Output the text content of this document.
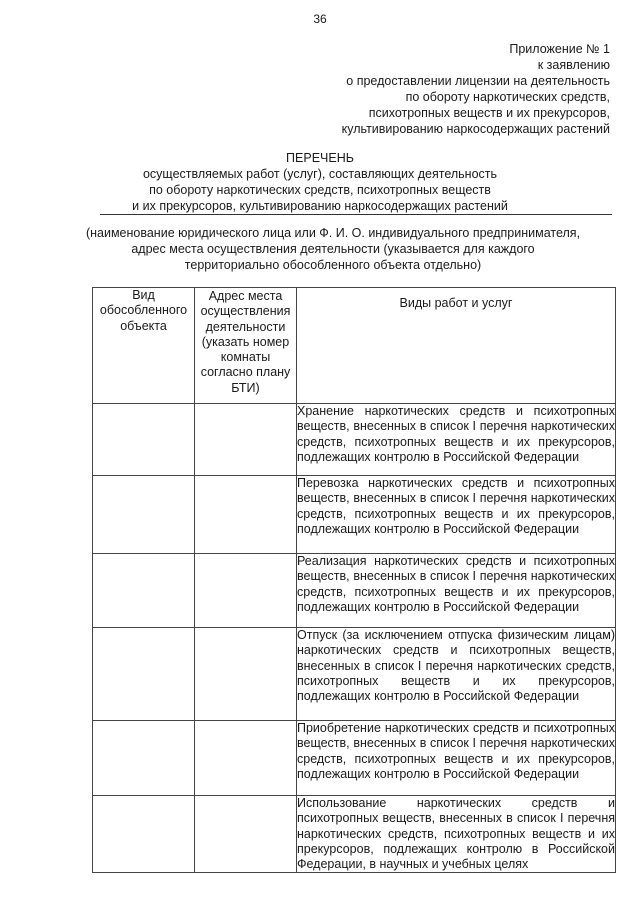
36
Приложение № 1
к заявлению
о предоставлении лицензии на деятельность
по обороту наркотических средств,
психотропных веществ и их прекурсоров,
культивированию наркосодержащих растений
ПЕРЕЧЕНЬ
осуществляемых работ (услуг), составляющих деятельность
по обороту наркотических средств, психотропных веществ
и их прекурсоров, культивированию наркосодержащих растений
(наименование юридического лица или Ф. И. О. индивидуального предпринимателя,
адрес места осуществления деятельности (указывается для каждого
территориально обособленного объекта отдельно)
Вид обособленного объекта	Адрес места осуществления деятельности (указать номер комнаты согласно плану БТИ)	Виды работ и услуг
		Хранение наркотических средств и психотропных веществ, внесенных в список I перечня наркотических средств, психотропных веществ и их прекурсоров, подлежащих контролю в Российской Федерации
		Перевозка наркотических средств и психотропных веществ, внесенных в список I перечня наркотических средств, психотропных веществ и их прекурсоров, подлежащих контролю в Российской Федерации
		Реализация наркотических средств и психотропных веществ, внесенных в список I перечня наркотических средств, психотропных веществ и их прекурсоров, подлежащих контролю в Российской Федерации
		Отпуск (за исключением отпуска физическим лицам) наркотических средств и психотропных веществ, внесенных в список I перечня наркотических средств, психотропных веществ и их прекурсоров, подлежащих контролю в Российской Федерации
		Приобретение наркотических средств и психотропных веществ, внесенных в список I перечня наркотических средств, психотропных веществ и их прекурсоров, подлежащих контролю в Российской Федерации
		Использование наркотических средств и психотропных веществ, внесенных в список I перечня наркотических средств, психотропных веществ и их прекурсоров, подлежащих контролю в Российской Федерации, в научных и учебных целях
